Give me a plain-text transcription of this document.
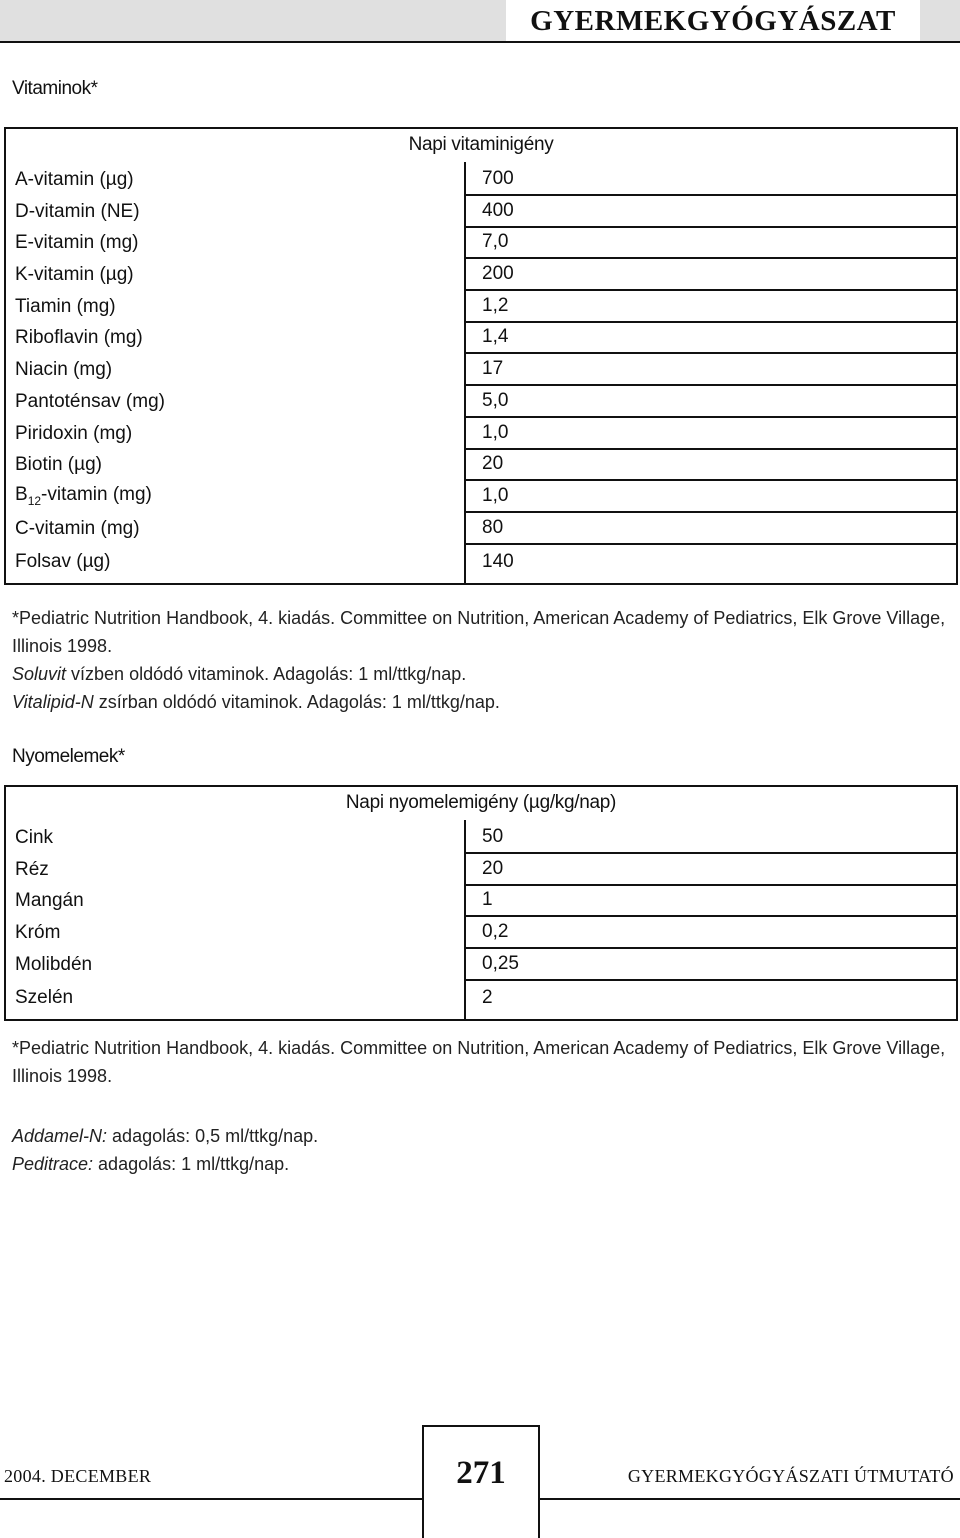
GYERMEKGYÓGYÁSZAT
Vitaminok*
Napi vitaminigény	
A-vitamin (µg)	700
D-vitamin (NE)	400
E-vitamin (mg)	7,0
K-vitamin (µg)	200
Tiamin (mg)	1,2
Riboflavin (mg)	1,4
Niacin (mg)	17
Pantoténsav (mg)	5,0
Piridoxin (mg)	1,0
Biotin (µg)	20
$B_{12}$-vitamin (mg)	1,0
C-vitamin (mg)	80
Folsav (µg)	140
*Pediatric Nutrition Handbook, 4. kiadás. Committee on Nutrition, American Academy of Pediatrics, Elk Grove Village, Illinois 1998.
Soluvit vízben oldódó vitaminok. Adagolás: 1 ml/ttkg/nap.
Vitalipid-N zsírban oldódó vitaminok. Adagolás: 1 ml/ttkg/nap.
Nyomelemek*
Napi nyomelemigény (µg/kg/nap)	
Cink	50
Réz	20
Mangán	1
Króm	0,2
Molibdén	0,25
Szelén	2
*Pediatric Nutrition Handbook, 4. kiadás. Committee on Nutrition, American Academy of Pediatrics, Elk Grove Village, Illinois 1998.
Addamel-N: adagolás: 0,5 ml/ttkg/nap.
Peditrace: adagolás: 1 ml/ttkg/nap.
271
2004. DECEMBER	GYERMEKGYÓGYÁSZATI ÚTMUTATÓ
